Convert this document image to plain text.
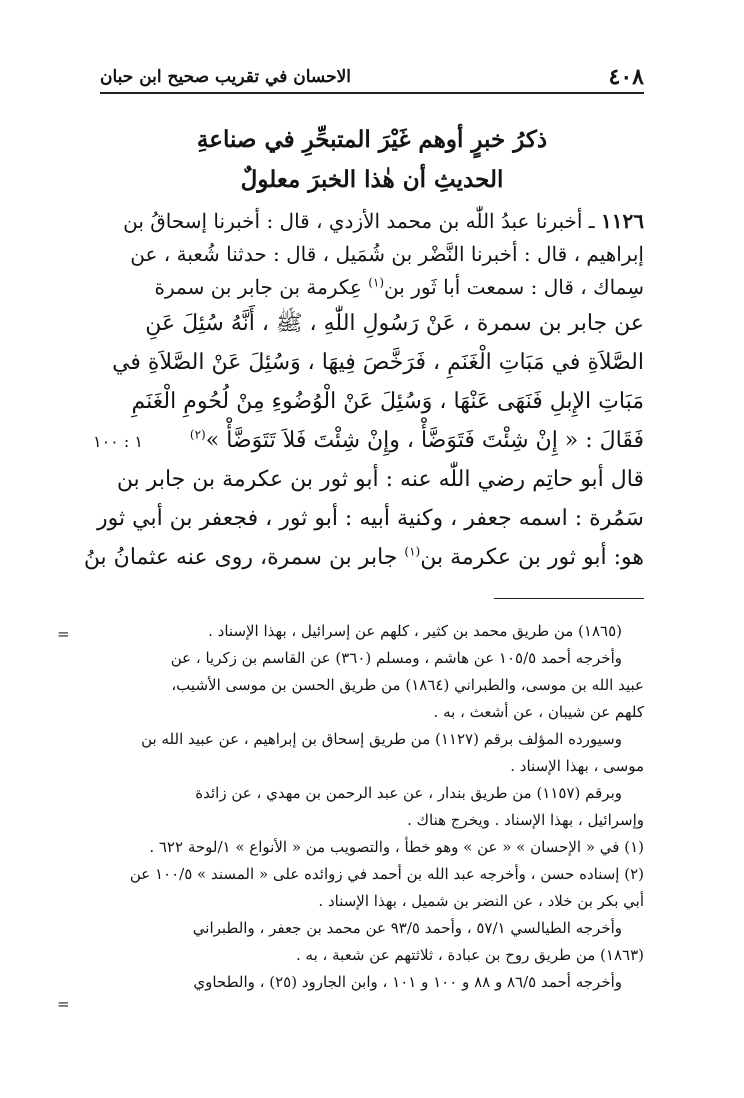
٤٠٨
الاحسان في تقريب صحيح ابن حبان
ذكرُ خبرٍ أوهم غَيْرَ المتبحِّرِ في صناعةِ
الحديثِ أن هٰذا الخبرَ معلولٌ
١١٢٦ ـ أخبرنا عبدُ اللّٰه بن محمد الأزدي ، قال : أخبرنا إسحاقُ بن
إبراهيم ، قال : أخبرنا النَّضْر بن شُمَيل ، قال : حدثنا شُعبة ، عن
سِماك ، قال : سمعت أبا ثَور بن$^{(١)}$ عِكرمة بن جابر بن سمرة
عن جابر بن سمرة ، عَنْ رَسُولِ اللّٰهِ ، ﷺ ، أَنَّهُ سُئِلَ عَنِ
الصَّلاَةِ في مَبَاتِ الْغَنَمِ ، فَرَخَّصَ فِيهَا ، وَسُئِلَ عَنْ الصَّلاَةِ في
مَبَاتِ الإِبلِ فَنَهَى عَنْهَا ، وَسُئِلَ عَنْ الْوُضُوءِ مِنْ لُحُومِ الْغَنَمِ
فَقَالَ : « إِنْ شِئْتَ فَتَوَضَّأْ ، وإِنْ شِئْتَ فَلاَ تَتَوَضَّأْ »$^{(٢)}$ ١ : ١٠٠
قال أبو حاتِم رضي اللّٰه عنه : أبو ثور بن عكرمة بن جابر بن
سَمُرة : اسمه جعفر ، وكنية أبيه : أبو ثور ، فجعفر بن أبي ثور
هو: أبو ثور بن عكرمة بن$^{(١)}$ جابر بن سمرة، روى عنه عثمانُ بنُ
=
=
(١٨٦٥) من طريق محمد بن كثير ، كلهم عن إسرائيل ، بهذا الإسناد .
وأخرجه أحمد ١٠٥/٥ عن هاشم ، ومسلم (٣٦٠) عن القاسم بن زكريا ، عن
عبيد الله بن موسى، والطبراني (١٨٦٤) من طريق الحسن بن موسى الأشيب،
كلهم عن شيبان ، عن أشعث ، به .
وسيورده المؤلف برقم (١١٢٧) من طريق إسحاق بن إبراهيم ، عن عبيد الله بن
موسى ، بهذا الإسناد .
وبرقم (١١٥٧) من طريق بندار ، عن عبد الرحمن بن مهدي ، عن زائدة
وإسرائيل ، بهذا الإسناد . ويخرج هناك .
(١) في « الإحسان » « عن » وهو خطأ ، والتصويب من « الأنواع » ١/لوحة ٦٢٢ .
(٢) إسناده حسن ، وأخرجه عبد الله بن أحمد في زوائده على « المسند » ١٠٠/٥ عن
أبي بكر بن خلاد ، عن النضر بن شميل ، بهذا الإسناد .
وأخرجه الطيالسي ٥٧/١ ، وأحمد ٩٣/٥ عن محمد بن جعفر ، والطبراني
(١٨٦٣) من طريق روح بن عبادة ، ثلاثتهم عن شعبة ، به .
وأخرجه أحمد ٨٦/٥ و ٨٨ و ١٠٠ و ١٠١ ، وابن الجارود (٢٥) ، والطحاوي
